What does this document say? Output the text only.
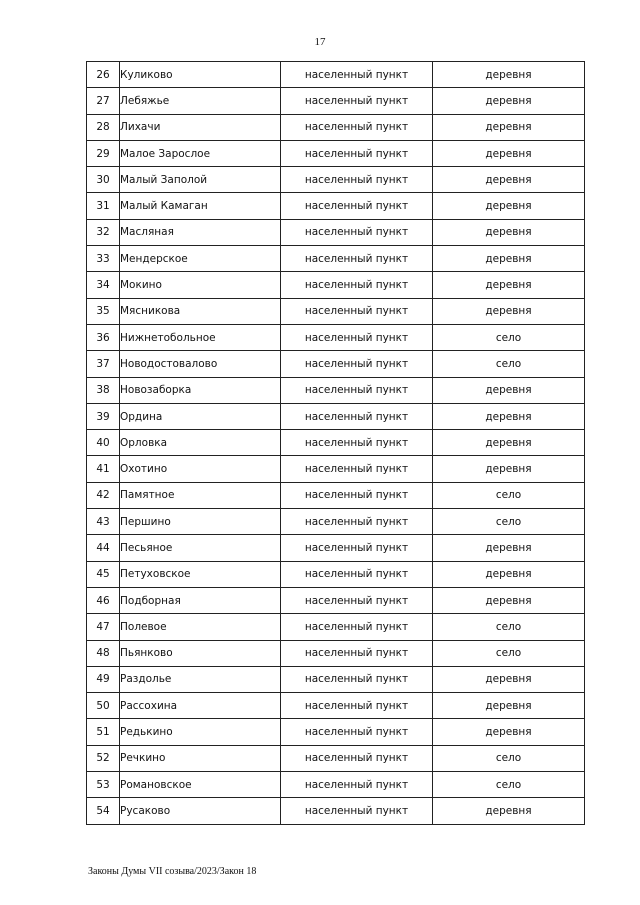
17
26	Куликово	населенный пункт	деревня
27	Лебяжье	населенный пункт	деревня
28	Лихачи	населенный пункт	деревня
29	Малое Заросл‌ое	населенный пункт	деревня
30	Малый Заполой	населенный пункт	деревня
31	Малый Камаган	населенный пункт	деревня
32	Масляная	населенный пункт	деревня
33	Мендерское	населенный пункт	деревня
34	Мокино	населенный пункт	деревня
35	Мясникова	населенный пункт	деревня
36	Нижнетобольное	населенный пункт	село
37	Новодостовалово	населенный пункт	село
38	Новозаборка	населенный пункт	деревня
39	Ордина	населенный пункт	деревня
40	Орловка	населенный пункт	деревня
41	Охотино	населенный пункт	деревня
42	Памятное	населенный пункт	село
43	Першино	населенный пункт	село
44	Песьяное	населенный пункт	деревня
45	Петуховское	населенный пункт	деревня
46	Подборная	населенный пункт	деревня
47	Полевое	населенный пункт	село
48	Пьянково	населенный пункт	село
49	Раздолье	населенный пункт	деревня
50	Рассохина	населенный пункт	деревня
51	Редькино	населенный пункт	деревня
52	Речкино	населенный пункт	село
53	Романовское	населенный пункт	село
54	Русаково	населенный пункт	деревня
Законы Думы VII созыва/2023/Закон 18
